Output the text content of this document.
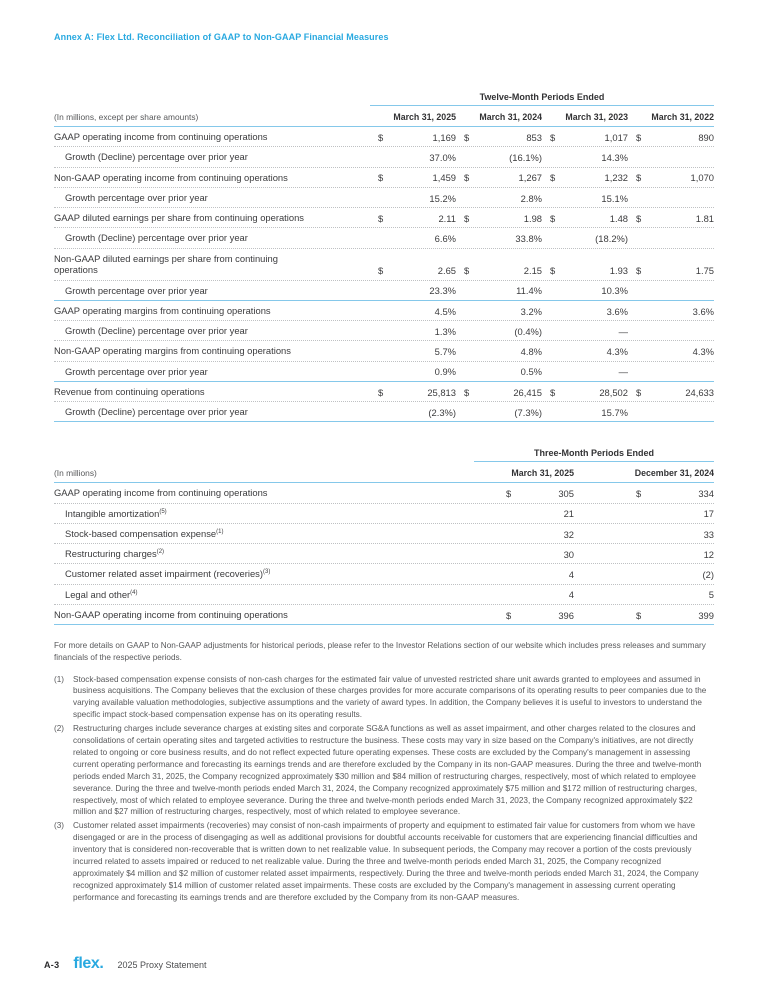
Annex A: Flex Ltd. Reconciliation of GAAP to Non-GAAP Financial Measures
Twelve-Month Periods Ended
(In millions, except per share amounts)	March 31, 2025	March 31, 2024	March 31, 2023	March 31, 2022
GAAP operating income from continuing operations	$	1,169 $	853 $	1,017 $	890
Growth (Decline) percentage over prior year	37.0%	(16.1%)	14.3%
Non-GAAP operating income from continuing operations	$	1,459 $	1,267 $	1,232 $	1,070
Growth percentage over prior year	15.2%	2.8%	15.1%
GAAP diluted earnings per share from continuing operations	$	2.11 $	1.98 $	1.48 $	1.81
Growth (Decline) percentage over prior year	6.6%	33.8%	(18.2%)
Non-GAAP diluted earnings per share from continuing operations	$	2.65 $	2.15 $	1.93 $	1.75
Growth percentage over prior year	23.3%	11.4%	10.3%
GAAP operating margins from continuing operations	4.5%	3.2%	3.6%	3.6%
Growth (Decline) percentage over prior year	1.3%	(0.4%)	—
Non-GAAP operating margins from continuing operations	5.7%	4.8%	4.3%	4.3%
Growth percentage over prior year	0.9%	0.5%	—
Revenue from continuing operations	$	25,813 $	26,415 $	28,502 $	24,633
Growth (Decline) percentage over prior year	(2.3%)	(7.3%)	15.7%
Three-Month Periods Ended
(In millions)	March 31, 2025	December 31, 2024
GAAP operating income from continuing operations	$	305	$	334
Intangible amortization$^{(5)}$	21	17
Stock-based compensation expense$^{(1)}$	32	33
Restructuring charges$^{(2)}$	30	12
Customer related asset impairment (recoveries)$^{(3)}$	4	(2)
Legal and other$^{(4)}$	4	5
Non-GAAP operating income from continuing operations	$	396	$	399
For more details on GAAP to Non-GAAP adjustments for historical periods, please refer to the Investor Relations section of our website which includes press releases and summary financials of the respective periods.
(1)	Stock-based compensation expense consists of non-cash charges for the estimated fair value of unvested restricted share unit awards granted to employees and assumed in business acquisitions. The Company believes that the exclusion of these charges provides for more accurate comparisons of its operating results to peer companies due to the varying available valuation methodologies, subjective assumptions and the variety of award types. In addition, the Company believes it is useful to investors to understand the specific impact stock-based compensation expense has on its operating results.
(2)	Restructuring charges include severance charges at existing sites and corporate SG&A functions as well as asset impairment, and other charges related to the closures and consolidations of certain operating sites and targeted activities to restructure the business. These costs may vary in size based on the Company's initiatives, are not directly related to ongoing or core business results, and do not reflect expected future operating expenses. These costs are excluded by the Company's management in assessing current operating performance and forecasting its earnings trends and are therefore excluded by the Company in its non-GAAP measures. During the three and twelve-month periods ended March 31, 2025, the Company recognized approximately $30 million and $84 million of restructuring charges, respectively, most of which related to employee severance. During the three and twelve-month periods ended March 31, 2024, the Company recognized approximately $75 million and $172 million of restructuring charges, respectively, most of which related to employee severance. During the three and twelve-month periods ended March 31, 2023, the Company recognized approximately $22 million and $27 million of restructuring charges, respectively, most of which related to employee severance.
(3)	Customer related asset impairments (recoveries) may consist of non-cash impairments of property and equipment to estimated fair value for customers from whom we have disengaged or are in the process of disengaging as well as additional provisions for doubtful accounts receivable for customers that are experiencing financial difficulties and inventory that is considered non-recoverable that is written down to net realizable value. In subsequent periods, the Company may recover a portion of the costs previously incurred related to assets impaired or reduced to net realizable value. During the three and twelve-month periods ended March 31, 2025, the Company recognized approximately $4 million and $2 million of customer related asset impairments, respectively. During the three and twelve-month periods ended March 31, 2024, the Company recognized approximately $14 million of customer related asset impairments. These costs are excluded by the Company's management in assessing current operating performance and forecasting its earnings trends and are therefore excluded by the Company from its non-GAAP measures.
A-3 flex. 2025 Proxy Statement
